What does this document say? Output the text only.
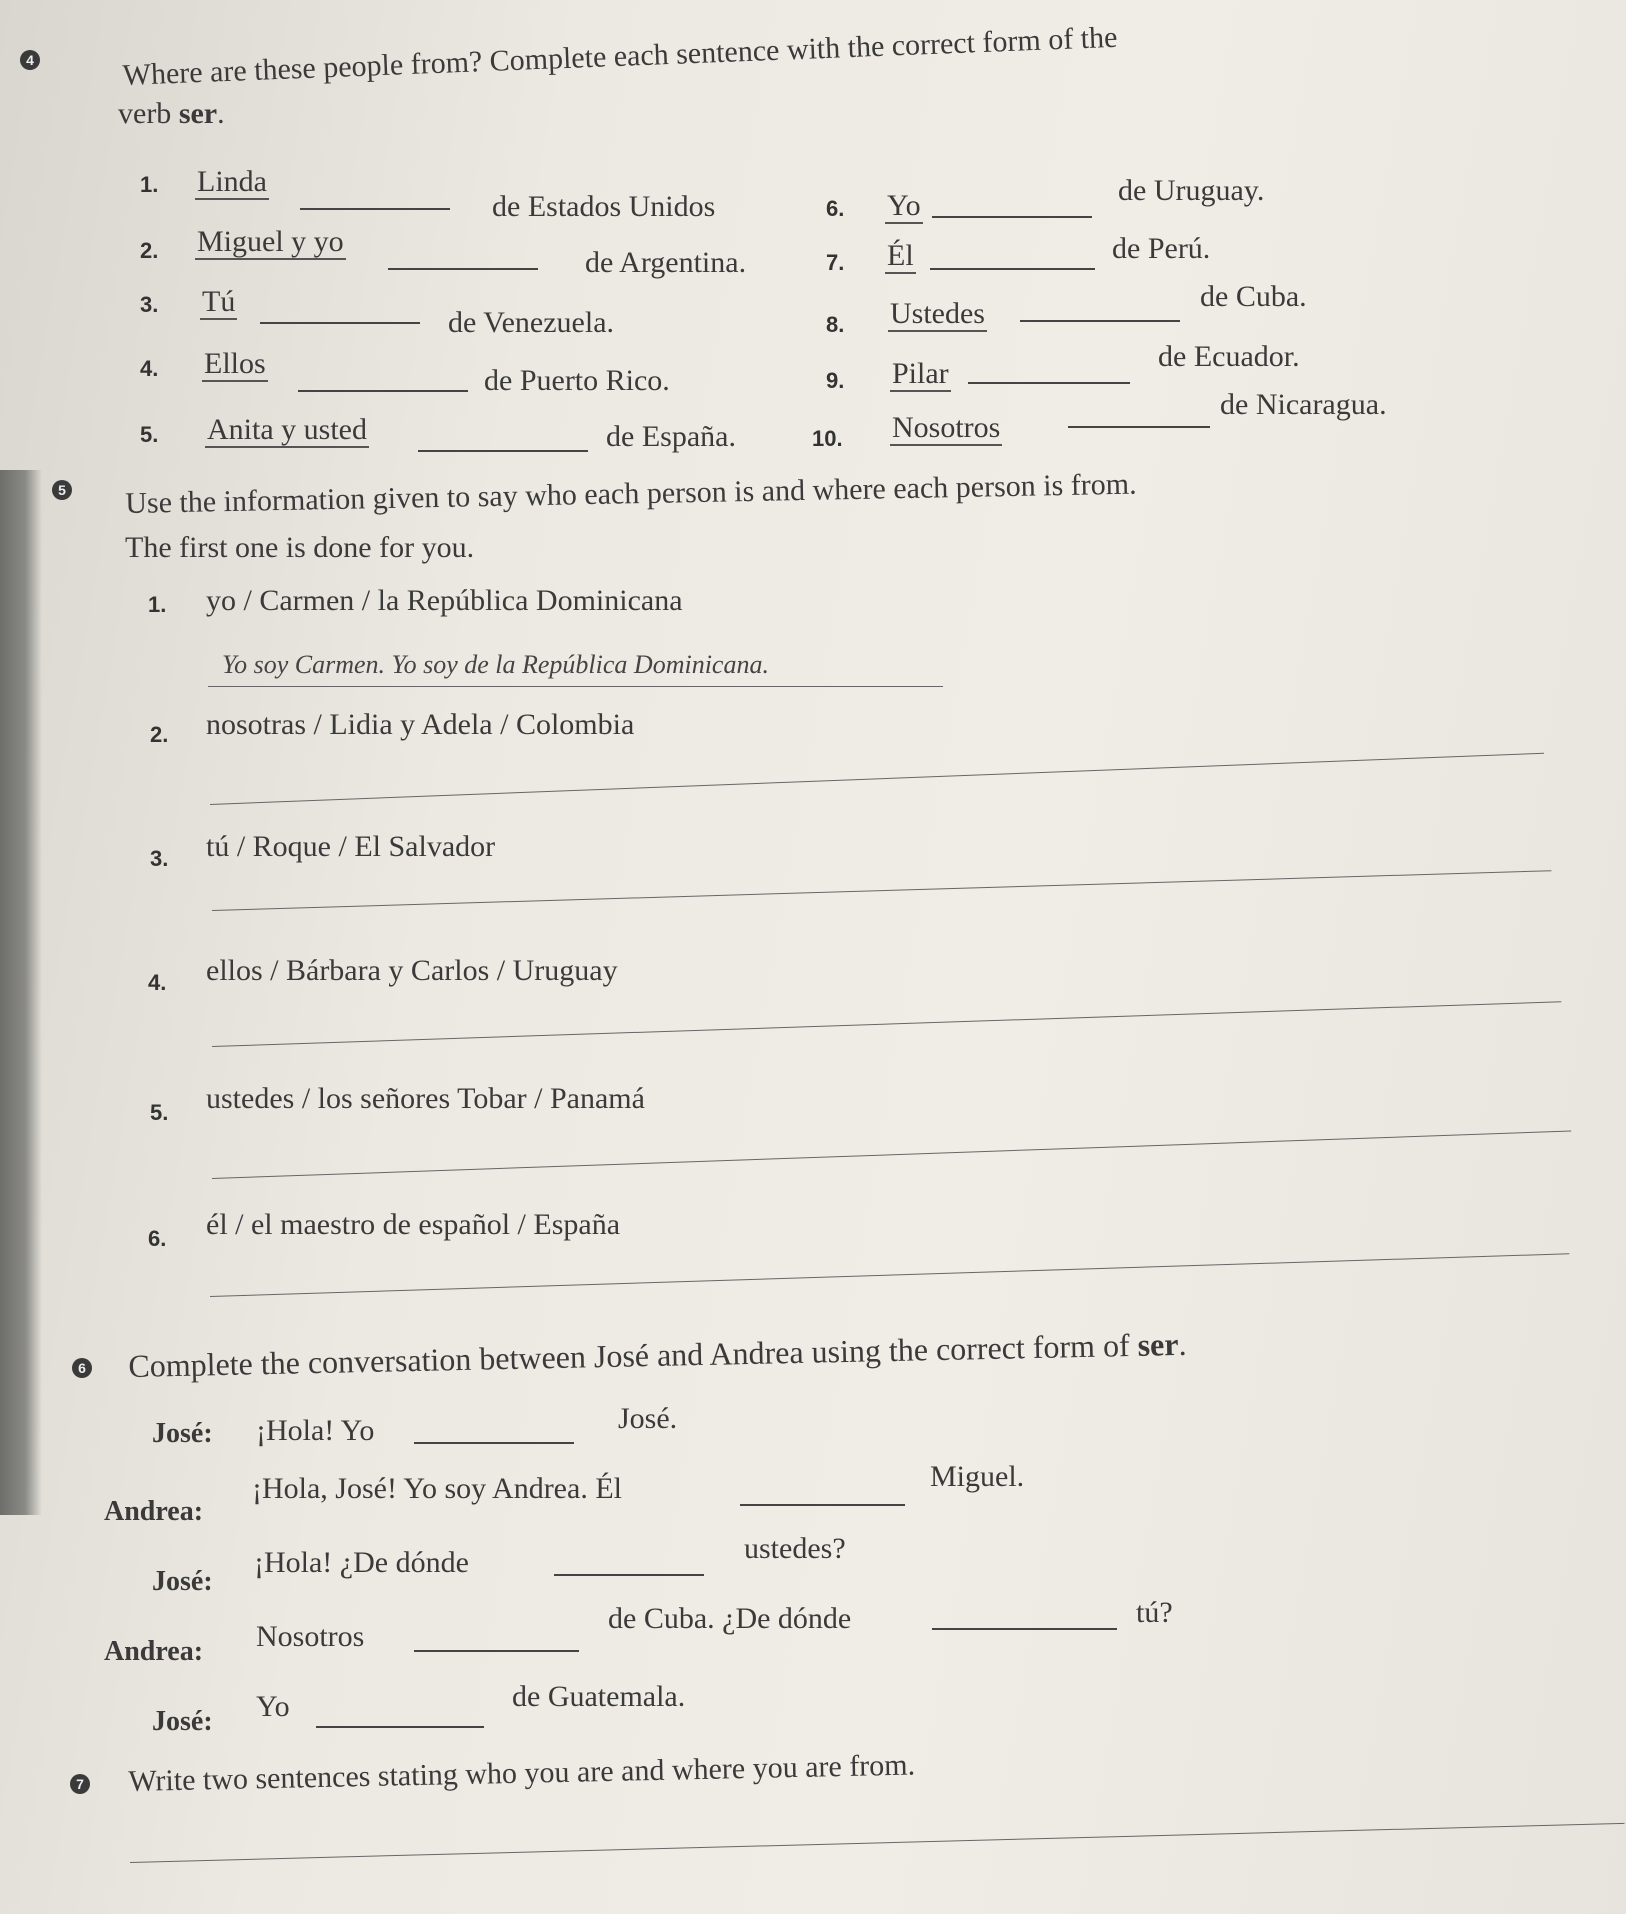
4	Where are these people from? Complete each sentence with the correct form of the
verb ser.
1. Linda
de Estados Unidos
2. Miguel y yo
de Argentina.
3. Tú
de Venezuela.
4. Ellos
de Puerto Rico.
5. Anita y usted	de España.
6. Yo	de Uruguay.
7. Él	de Perú.
8. Ustedes
de Cuba.
9. Pilar
de Ecuador.
10. Nosotros
de Nicaragua.
5 Use the information given to say who each person is and where each person is from.
The first one is done for you.
1. yo / Carmen / la República Dominicana
Yo soy Carmen. Yo soy de la República Dominicana.
2. nosotras / Lidia y Adela / Colombia
3. tú / Roque / El Salvador
4. ellos / Bárbara y Carlos / Uruguay
5. ustedes / los señores Tobar / Panamá
6. él / el maestro de español / España
6 Complete the conversation between José and Andrea using the correct form of ser.
José: ¡Hola! Yo	José.
Andrea:
¡Hola, José! Yo soy Andrea. Él	Miguel.
José:
¡Hola! ¿De dónde	ustedes?
Andrea: Nosotros
de Cuba. ¿De dónde	tú?
José: Yo	de Guatemala.
7 Write two sentences stating who you are and where you are from.
